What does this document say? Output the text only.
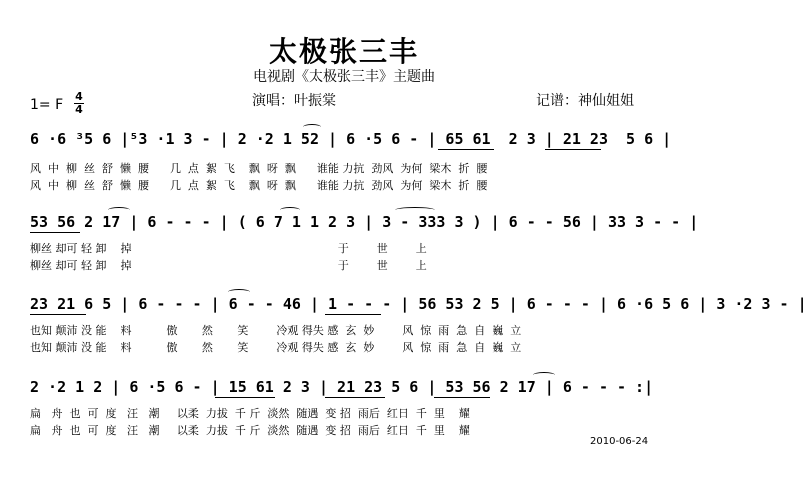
太极张三丰
电视剧《太极张三丰》主题曲
演唱：叶振棠	记谱：神仙姐姐
1= F
4
4
6 ·6 ³5 6 |⁵3 ·1 3 - | 2 ·2 1 52 | 6 ·5 6 - | 65 61  2 3 | 21 23  5 6 |
风  中  柳  丝  舒  懒  腰      几  点  絮  飞    飘  呀  飘      谁能 力抗  劲风  为何  梁木  折  腰
风  中  柳  丝  舒  懒  腰      几  点  絮  飞    飘  呀  飘      谁能 力抗  劲风  为何  梁木  折  腰
53 56 2 17 | 6 - - - | ( 6 7 1 1 2 3 | 3 - 333 3 ) | 6 - - 56 | 33 3 - - |
柳丝 却可 轻 卸    掉                                                           于        世        上
柳丝 却可 轻 卸    掉                                                           于        世        上
23 21 6 5 | 6 - - - | 6 - - 46 | 1 - - - | 56 53 2 5 | 6 - - - | 6 ·6 5 6 | 3 ·2 3 - |
也知 颠沛 没 能    料          傲       然       笑        冷观 得失 感  玄  妙        风  惊  雨  急  自  巍  立
也知 颠沛 没 能    料          傲       然       笑        冷观 得失 感  玄  妙        风  惊  雨  急  自  巍  立
2 ·2 1 2 | 6 ·5 6 - | 15 61 2 3 | 21 23 5 6 | 53 56 2 17 | 6 - - - :|
扁   舟  也  可  度   汪   潮     以柔  力拔  千 斤  淡然  随遇  变 招  雨后  红日  千  里    耀
扁   舟  也  可  度   汪   潮     以柔  力拔  千 斤  淡然  随遇  变 招  雨后  红日  千  里    耀
2010-06-24
